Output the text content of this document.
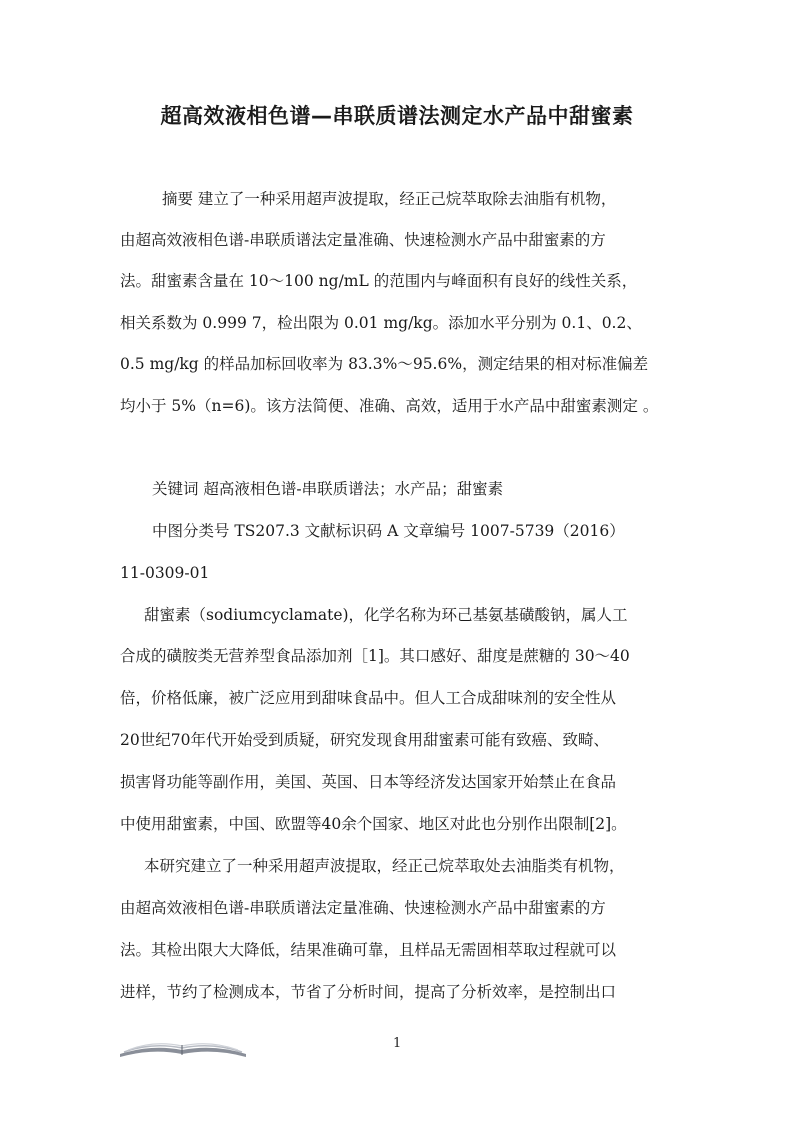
超高效液相色谱—串联质谱法测定水产品中甜蜜素
摘要 建立了一种采用超声波提取，经正己烷萃取除去油脂有机物，
由超高效液相色谱-串联质谱法定量准确、快速检测水产品中甜蜜素的方
法。甜蜜素含量在 10～100 ng/mL 的范围内与峰面积有良好的线性关系，
相关系数为 0.999 7，检出限为 0.01 mg/kg。添加水平分别为 0.1、0.2、
0.5 mg/kg 的样品加标回收率为 83.3%～95.6%，测定结果的相对标准偏差
均小于 5%（n=6)。该方法简便、准确、高效，适用于水产品中甜蜜素测定 。
关键词 超高液相色谱-串联质谱法；水产品；甜蜜素
中图分类号 TS207.3 文献标识码 A 文章编号 1007-5739（2016）
11-0309-01
甜蜜素（sodiumcyclamate)，化学名称为环己基氨基磺酸钠，属人工
合成的磺胺类无营养型食品添加剂［1]。其口感好、甜度是蔗糖的 30～40
倍，价格低廉，被广泛应用到甜味食品中。但人工合成甜味剂的安全性从
20世纪70年代开始受到质疑，研究发现食用甜蜜素可能有致癌、致畸、
损害肾功能等副作用，美国、英国、日本等经济发达国家开始禁止在食品
中使用甜蜜素，中国、欧盟等40余个国家、地区对此也分别作出限制[2]。
本研究建立了一种采用超声波提取，经正己烷萃取处去油脂类有机物，
由超高效液相色谱-串联质谱法定量准确、快速检测水产品中甜蜜素的方
法。其检出限大大降低，结果准确可靠，且样品无需固相萃取过程就可以
进样，节约了检测成本，节省了分析时间，提高了分析效率，是控制出口
1
